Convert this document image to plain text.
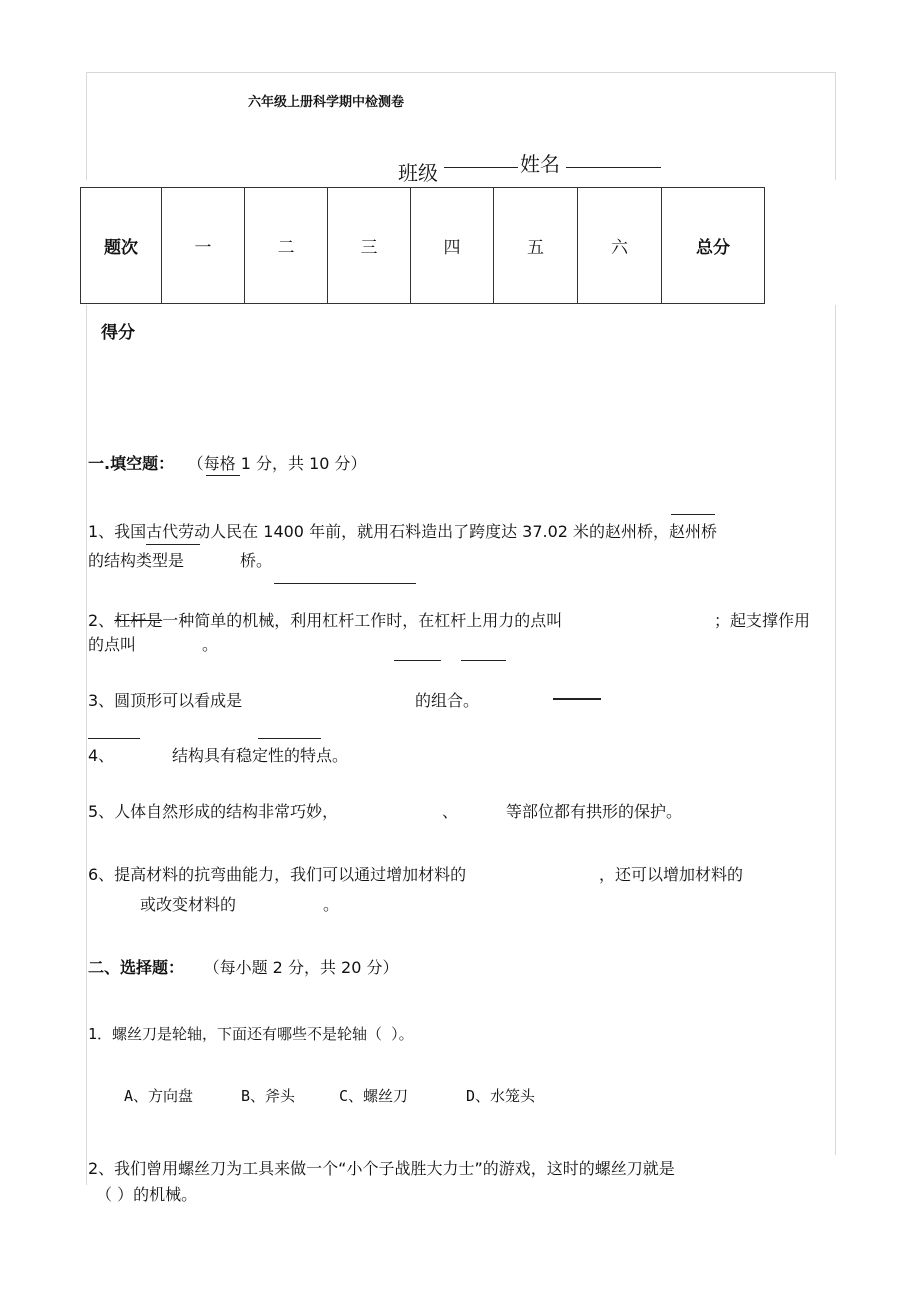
六年级上册科学期中检测卷
班级	姓名
题次	一	二	三	四	五	六	总分
得分
一.填空题： （每格 1 分，共 10 分）
1、我国古代劳动人民在 1400 年前，就用石料造出了跨度达 37.02 米的赵州桥，赵州桥
的结构类型是	桥。
2、杠杆是一种简单的机械，利用杠杆工作时，在杠杆上用力的点叫	；起支撑作用
的点叫	。
3、圆顶形可以看成是	的组合。
4、	结构具有稳定性的特点。
5、人体自然形成的结构非常巧妙，	、	等部位都有拱形的保护。
6、提高材料的抗弯曲能力，我们可以通过增加材料的	，还可以增加材料的
或改变材料的	。
二、选择题： （每小题 2 分，共 20 分）
1．螺丝刀是轮轴，下面还有哪些不是轮轴（ ）。
A、方向盘	B、斧头	C、螺丝刀	D、水笼头
2、我们曾用螺丝刀为工具来做一个“小个子战胜大力士”的游戏，这时的螺丝刀就是
（ ）的机械。
